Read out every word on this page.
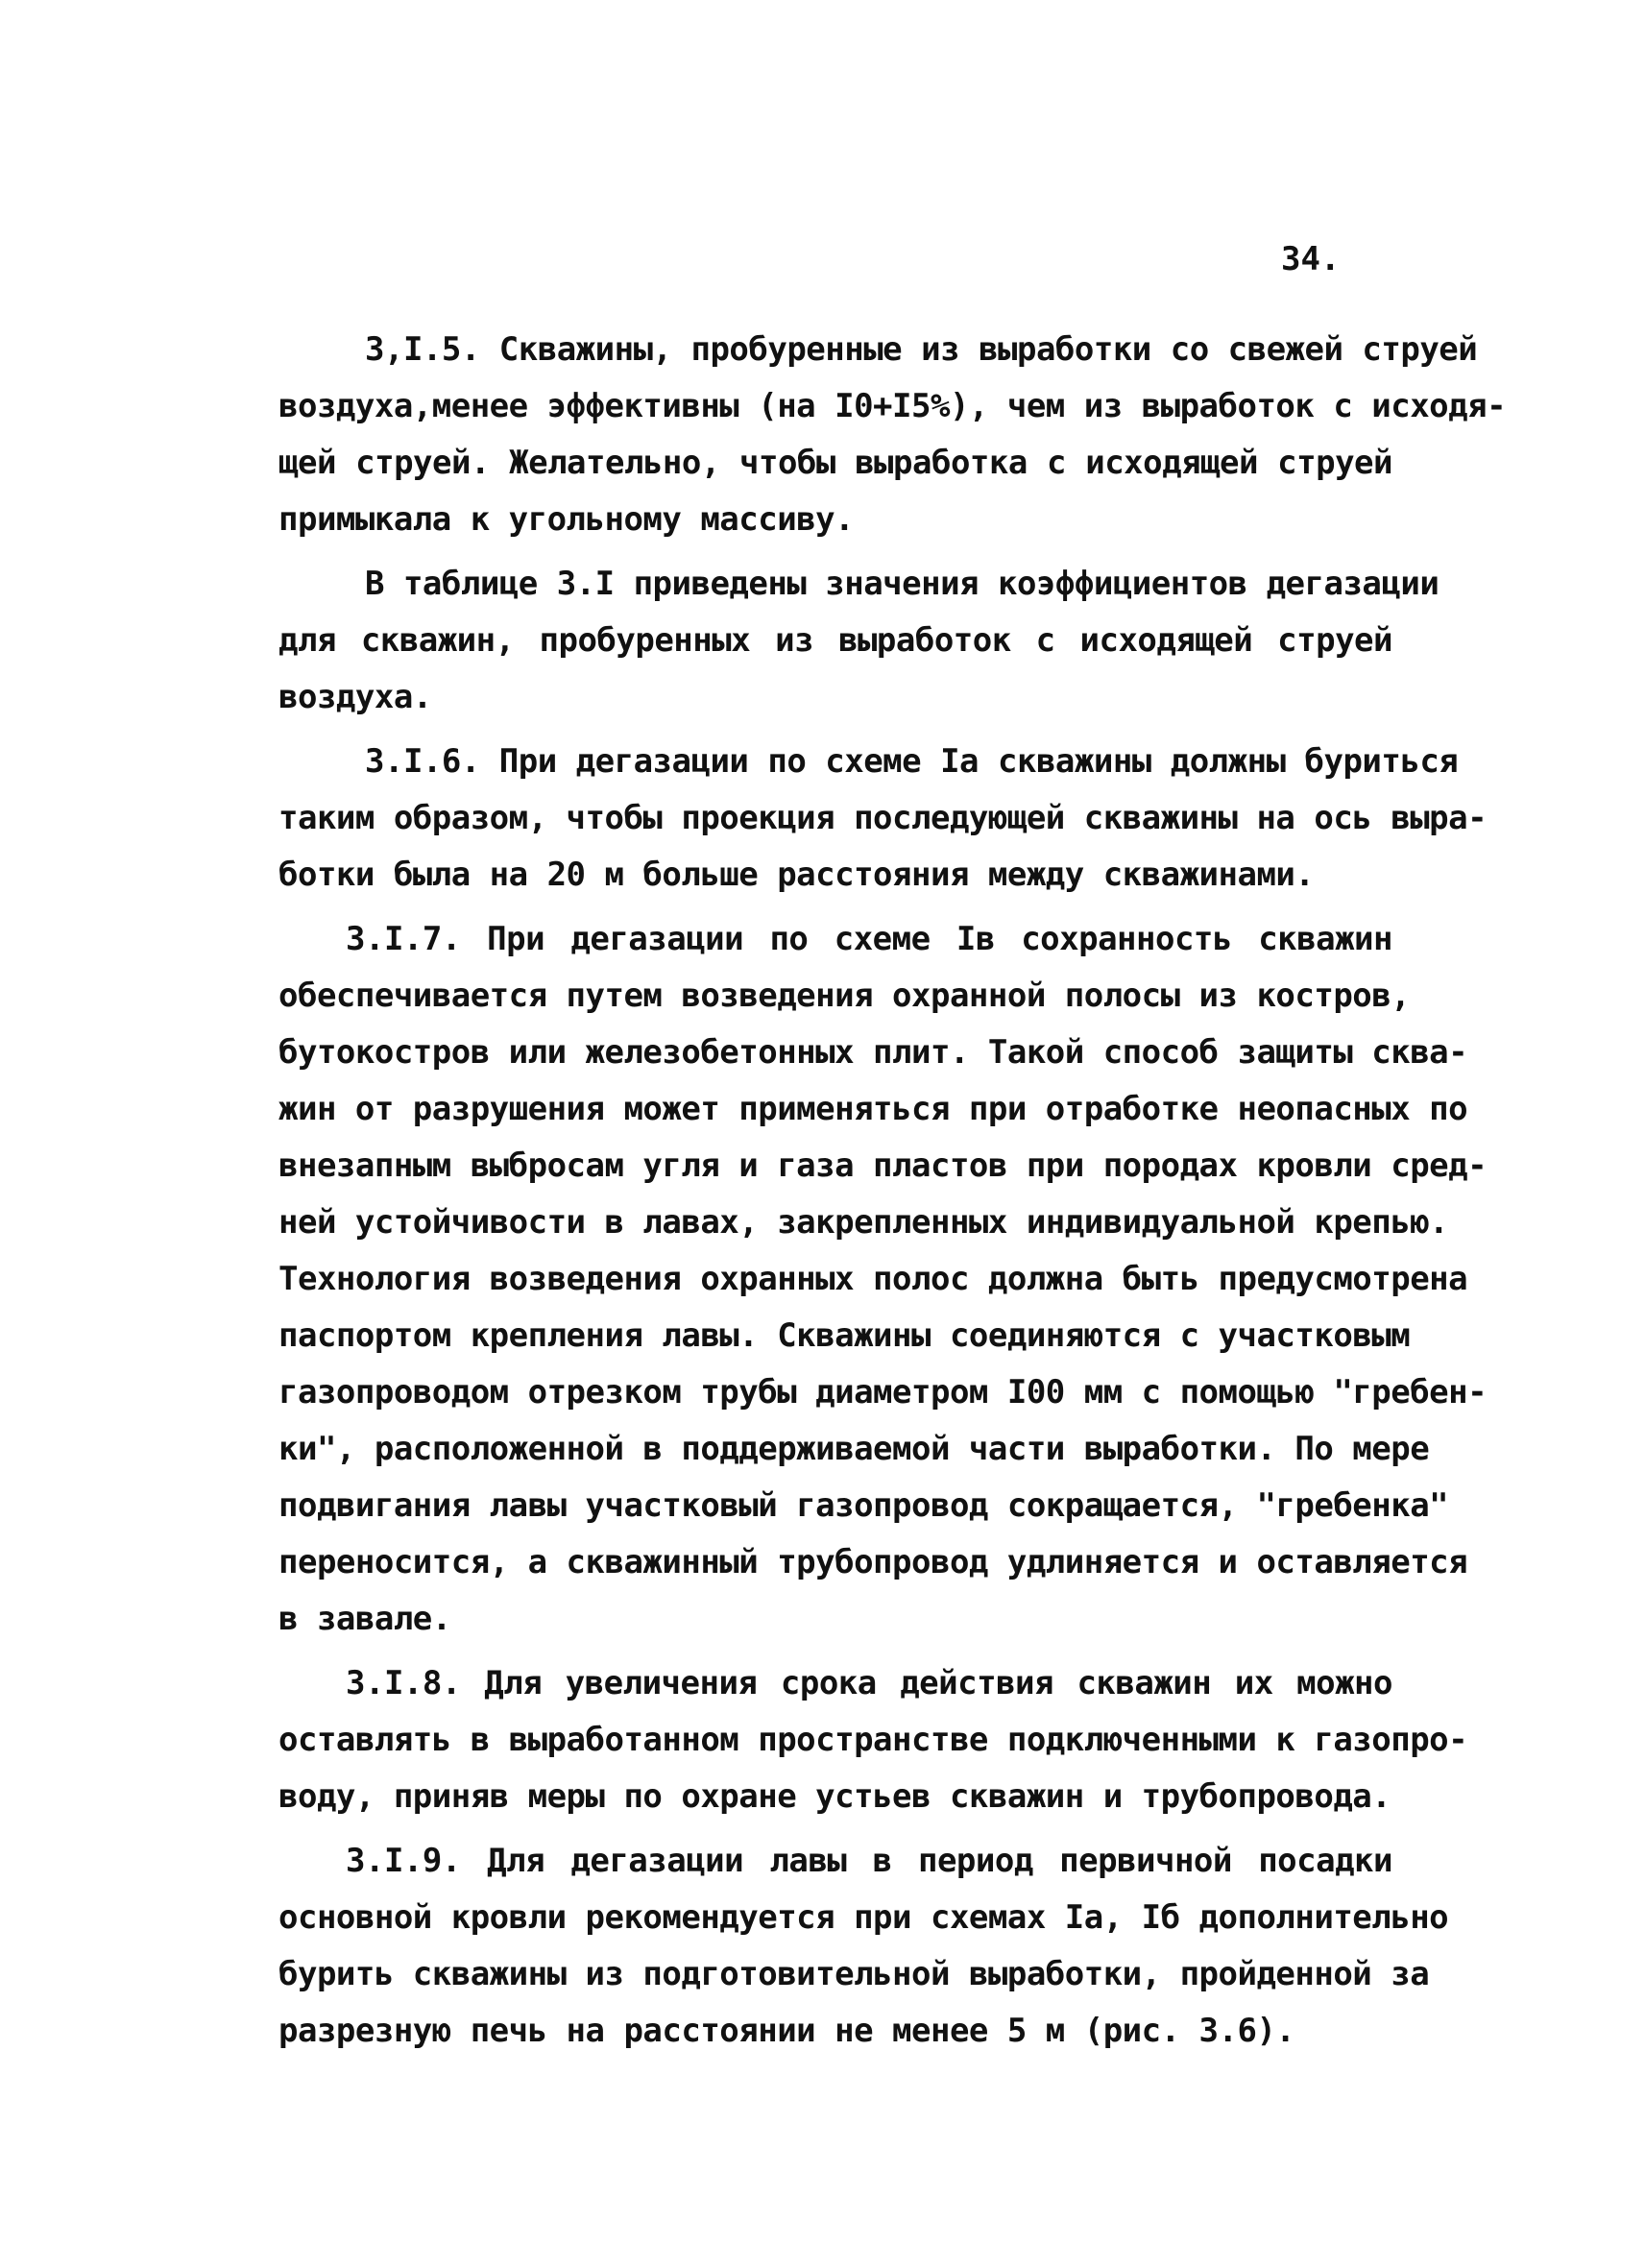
34.
3,I.5. Скважины, пробуренные из выработки со свежей струей
воздуха,менее эффективны (на I0+I5%), чем из выработок с исходя-
щей струей. Желательно, чтобы выработка с исходящей струей
примыкала к угольному массиву.
В таблице 3.I приведены значения коэффициентов дегазации
для скважин, пробуренных из выработок с исходящей струей
воздуха.
3.I.6. При дегазации по схеме Iа скважины должны буриться
таким образом, чтобы проекция последующей скважины на ось выра-
ботки была на 20 м больше расстояния между скважинами.
3.I.7. При дегазации по схеме Iв сохранность скважин
обеспечивается путем возведения охранной полосы из костров,
бутокостров или железобетонных плит. Такой способ защиты сква-
жин от разрушения может применяться при отработке неопасных по
внезапным выбросам угля и газа пластов при породах кровли сред-
ней устойчивости в лавах, закрепленных индивидуальной крепью.
Технология возведения охранных полос должна быть предусмотрена
паспортом крепления лавы. Скважины соединяются с участковым
газопроводом отрезком трубы диаметром I00 мм с помощью "гребен-
ки", расположенной в поддерживаемой части выработки. По мере
подвигания лавы участковый газопровод сокращается, "гребенка"
переносится, а скважинный трубопровод удлиняется и оставляется
в завале.
3.I.8. Для увеличения срока действия скважин их можно
оставлять в выработанном пространстве подключенными к газопро-
воду, приняв меры по охране устьев скважин и трубопровода.
3.I.9. Для дегазации лавы в период первичной посадки
основной кровли рекомендуется при схемах Iа, Iб дополнительно
бурить скважины из подготовительной выработки, пройденной за
разрезную печь на расстоянии не менее 5 м (рис. 3.6).
